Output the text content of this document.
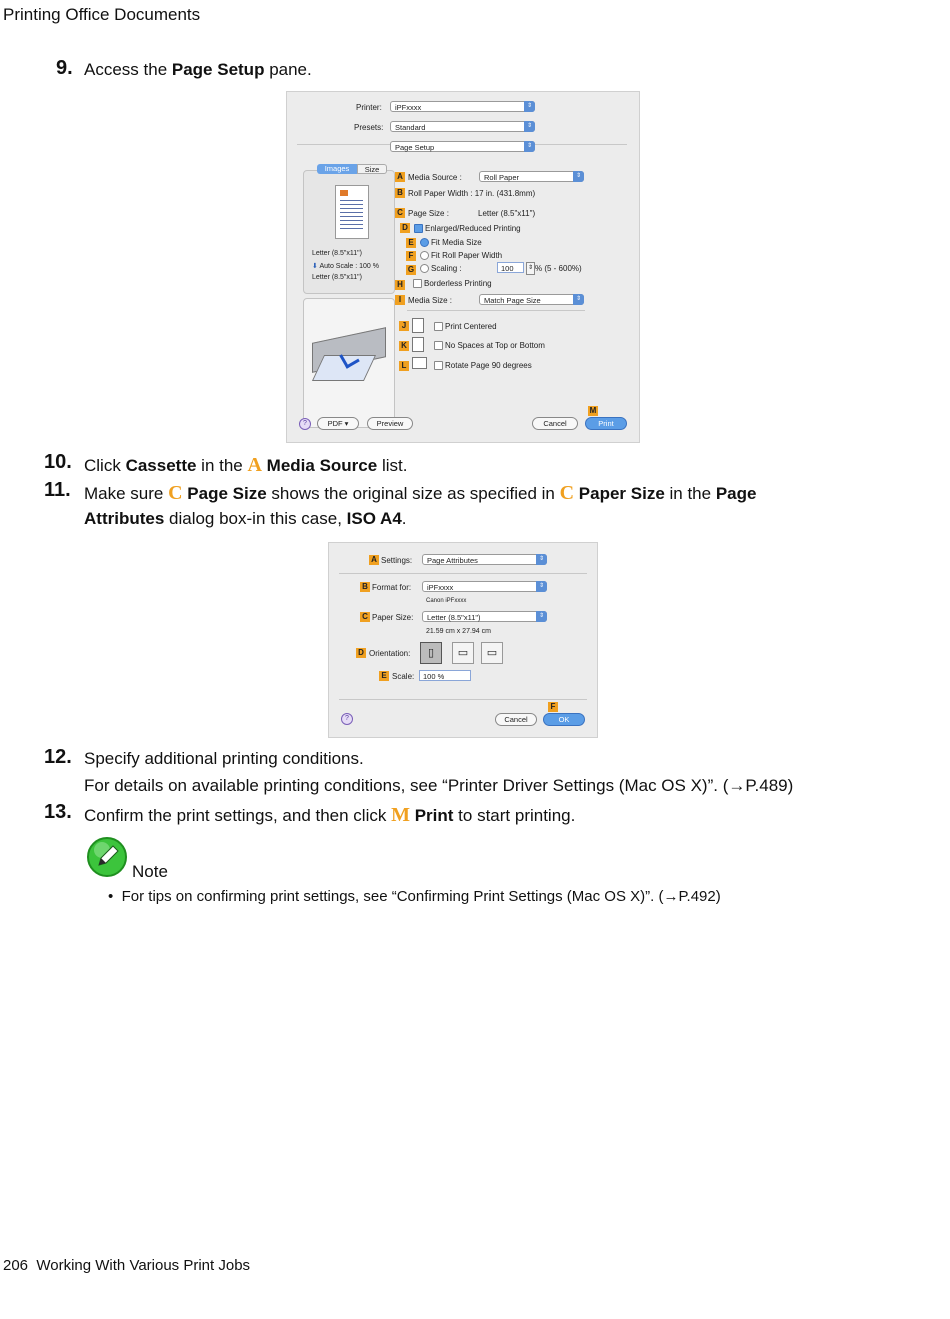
Printing Office Documents
9. Access the Page Setup pane.
Printer:	iPFxxxx	⇕
Presets:	Standard	⇕
Page Setup	⇕
Images	Size
Letter (8.5"x11")
⬇ Auto Scale : 100 %
Letter (8.5"x11")
A Media Source :	Roll Paper	⇕
B Roll Paper Width : 17 in. (431.8mm)
C Page Size :	Letter (8.5"x11")
D Enlarged/Reduced Printing
E Fit Media Size
F	Fit Roll Paper Width
G Scaling :	100	⇕ % (5 - 600%)
H	Borderless Printing
I Media Size :	Match Page Size	⇕
J	Print Centered
K	No Spaces at Top or Bottom
L	Rotate Page 90 degrees
?	PDF ▾	Preview	Cancel
M
Print
10. Click Cassette in the A Media Source list.
11. Make sure C Page Size shows the original size as specified in C Paper Size in the Page
Attributes dialog box-in this case, ISO A4.
A Settings:	Page Attributes	⇕
B Format for:	iPFxxxx	⇕
Canon iPFxxxx
C Paper Size:	Letter (8.5"x11")	⇕
21.59 cm x 27.94 cm
D Orientation:	▯	▭	▭
E Scale:	100 %
?	Cancel
F
OK
12. Specify additional printing conditions.
For details on available printing conditions, see “Printer Driver Settings (Mac OS X)”. (→P.489)
13. Confirm the print settings, and then click M Print to start printing.
Note
• For tips on confirming print settings, see “Confirming Print Settings (Mac OS X)”. (→P.492)
206  Working With Various Print Jobs
